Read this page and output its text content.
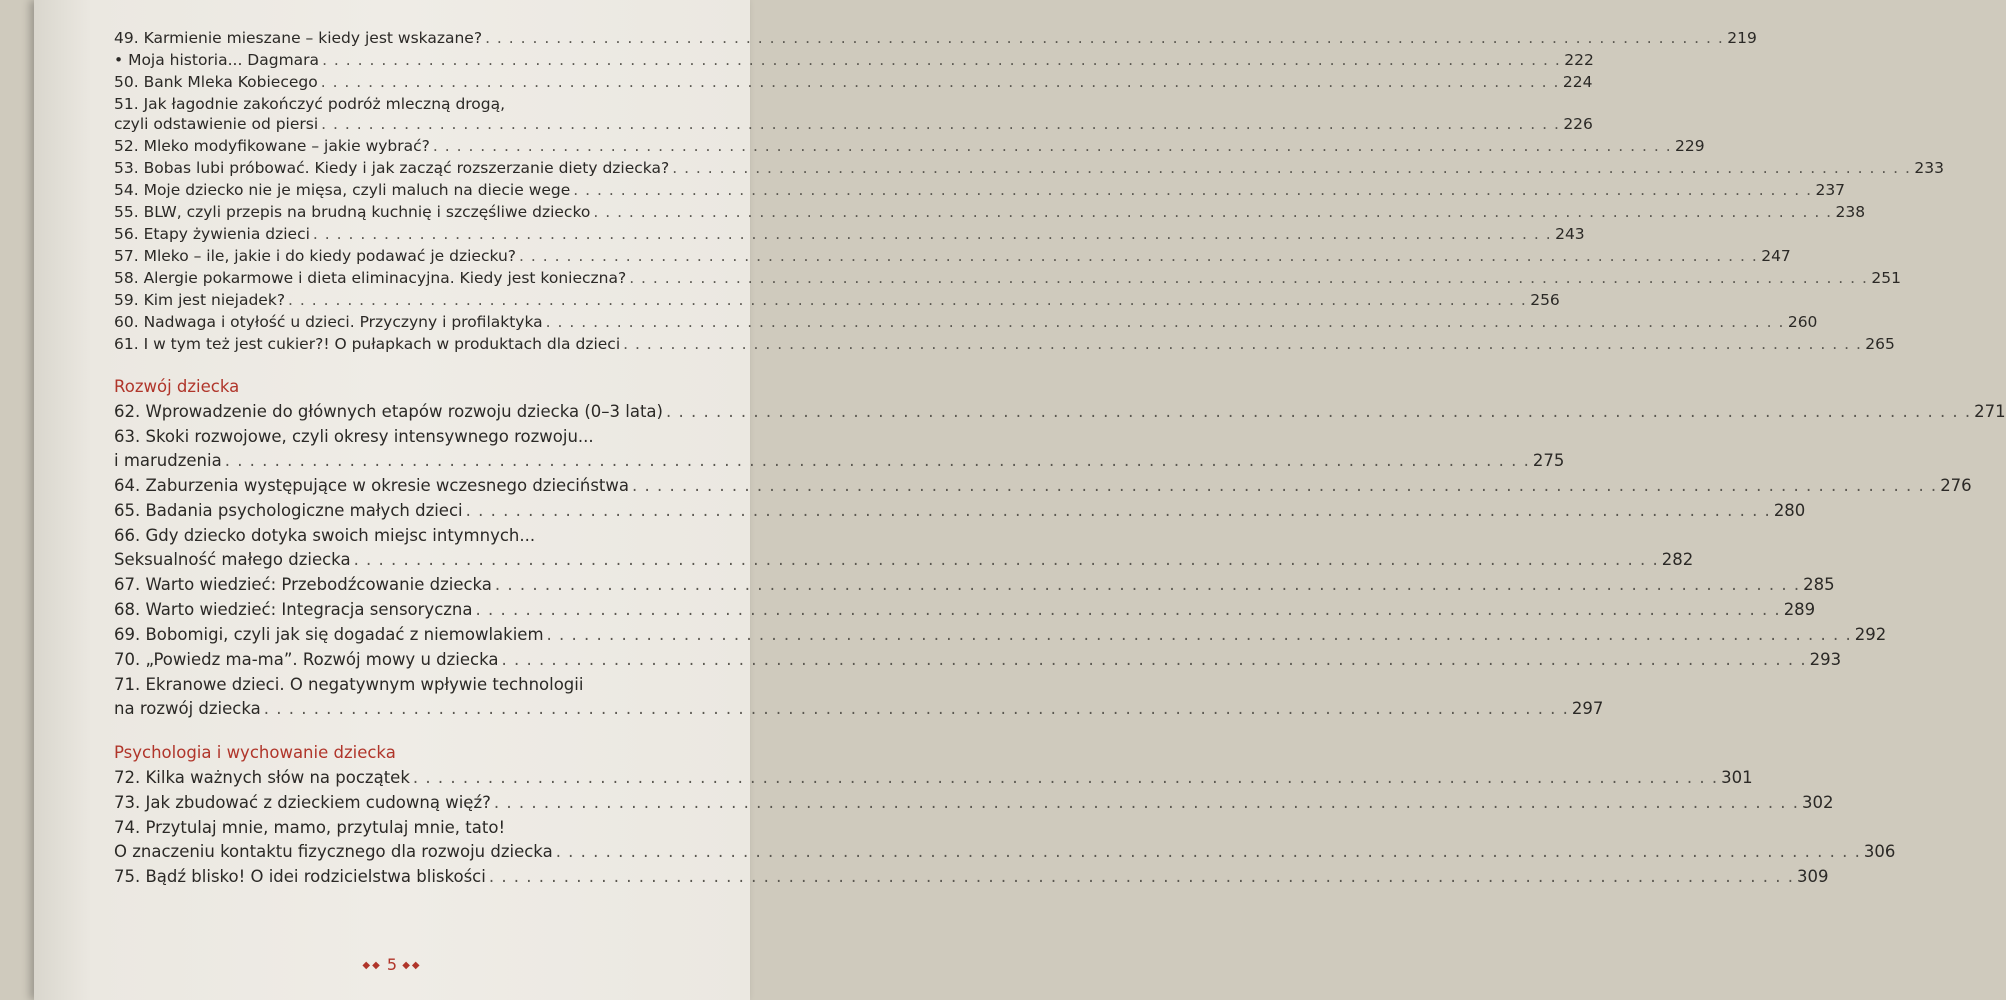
49. Karmienie mieszane – kiedy jest wskazane? . . .	219
• Moja historia... Dagmara . . .	222
50. Bank Mleka Kobiecego . . .	224
51. Jak łagodnie zakończyć podróż mleczną drogą,
czyli odstawienie od piersi . . .	226
52. Mleko modyfikowane – jakie wybrać? . . .	229
53. Bobas lubi próbować. Kiedy i jak zacząć rozszerzanie diety dziecka? . . .	233
54. Moje dziecko nie je mięsa, czyli maluch na diecie wege . . .	237
55. BLW, czyli przepis na brudną kuchnię i szczęśliwe dziecko . . .	238
56. Etapy żywienia dzieci . . .	243
57. Mleko – ile, jakie i do kiedy podawać je dziecku? . . .	247
58. Alergie pokarmowe i dieta eliminacyjna. Kiedy jest konieczna? . . .	251
59. Kim jest niejadek? . . .	256
60. Nadwaga i otyłość u dzieci. Przyczyny i profilaktyka . . .	260
61. I w tym też jest cukier?! O pułapkach w produktach dla dzieci . . .	265
Rozwój dziecka
62. Wprowadzenie do głównych etapów rozwoju dziecka (0–3 lata) . . .	271
63. Skoki rozwojowe, czyli okresy intensywnego rozwoju...
i marudzenia . . .	275
64. Zaburzenia występujące w okresie wczesnego dzieciństwa . . .	276
65. Badania psychologiczne małych dzieci . . .	280
66. Gdy dziecko dotyka swoich miejsc intymnych...
Seksualność małego dziecka . . .	282
67. Warto wiedzieć: Przebodźcowanie dziecka . . .	285
68. Warto wiedzieć: Integracja sensoryczna . . .	289
69. Bobomigi, czyli jak się dogadać z niemowlakiem . . .	292
70. „Powiedz ma-ma”. Rozwój mowy u dziecka . . .	293
71. Ekranowe dzieci. O negatywnym wpływie technologii
na rozwój dziecka . . .	297
Psychologia i wychowanie dziecka
72. Kilka ważnych słów na początek . . .	301
73. Jak zbudować z dzieckiem cudowną więź? . . .	302
74. Przytulaj mnie, mamo, przytulaj mnie, tato!
O znaczeniu kontaktu fizycznego dla rozwoju dziecka . . .	306
75. Bądź blisko! O idei rodzicielstwa bliskości . . .	309
◆◆ 5 ◆◆
